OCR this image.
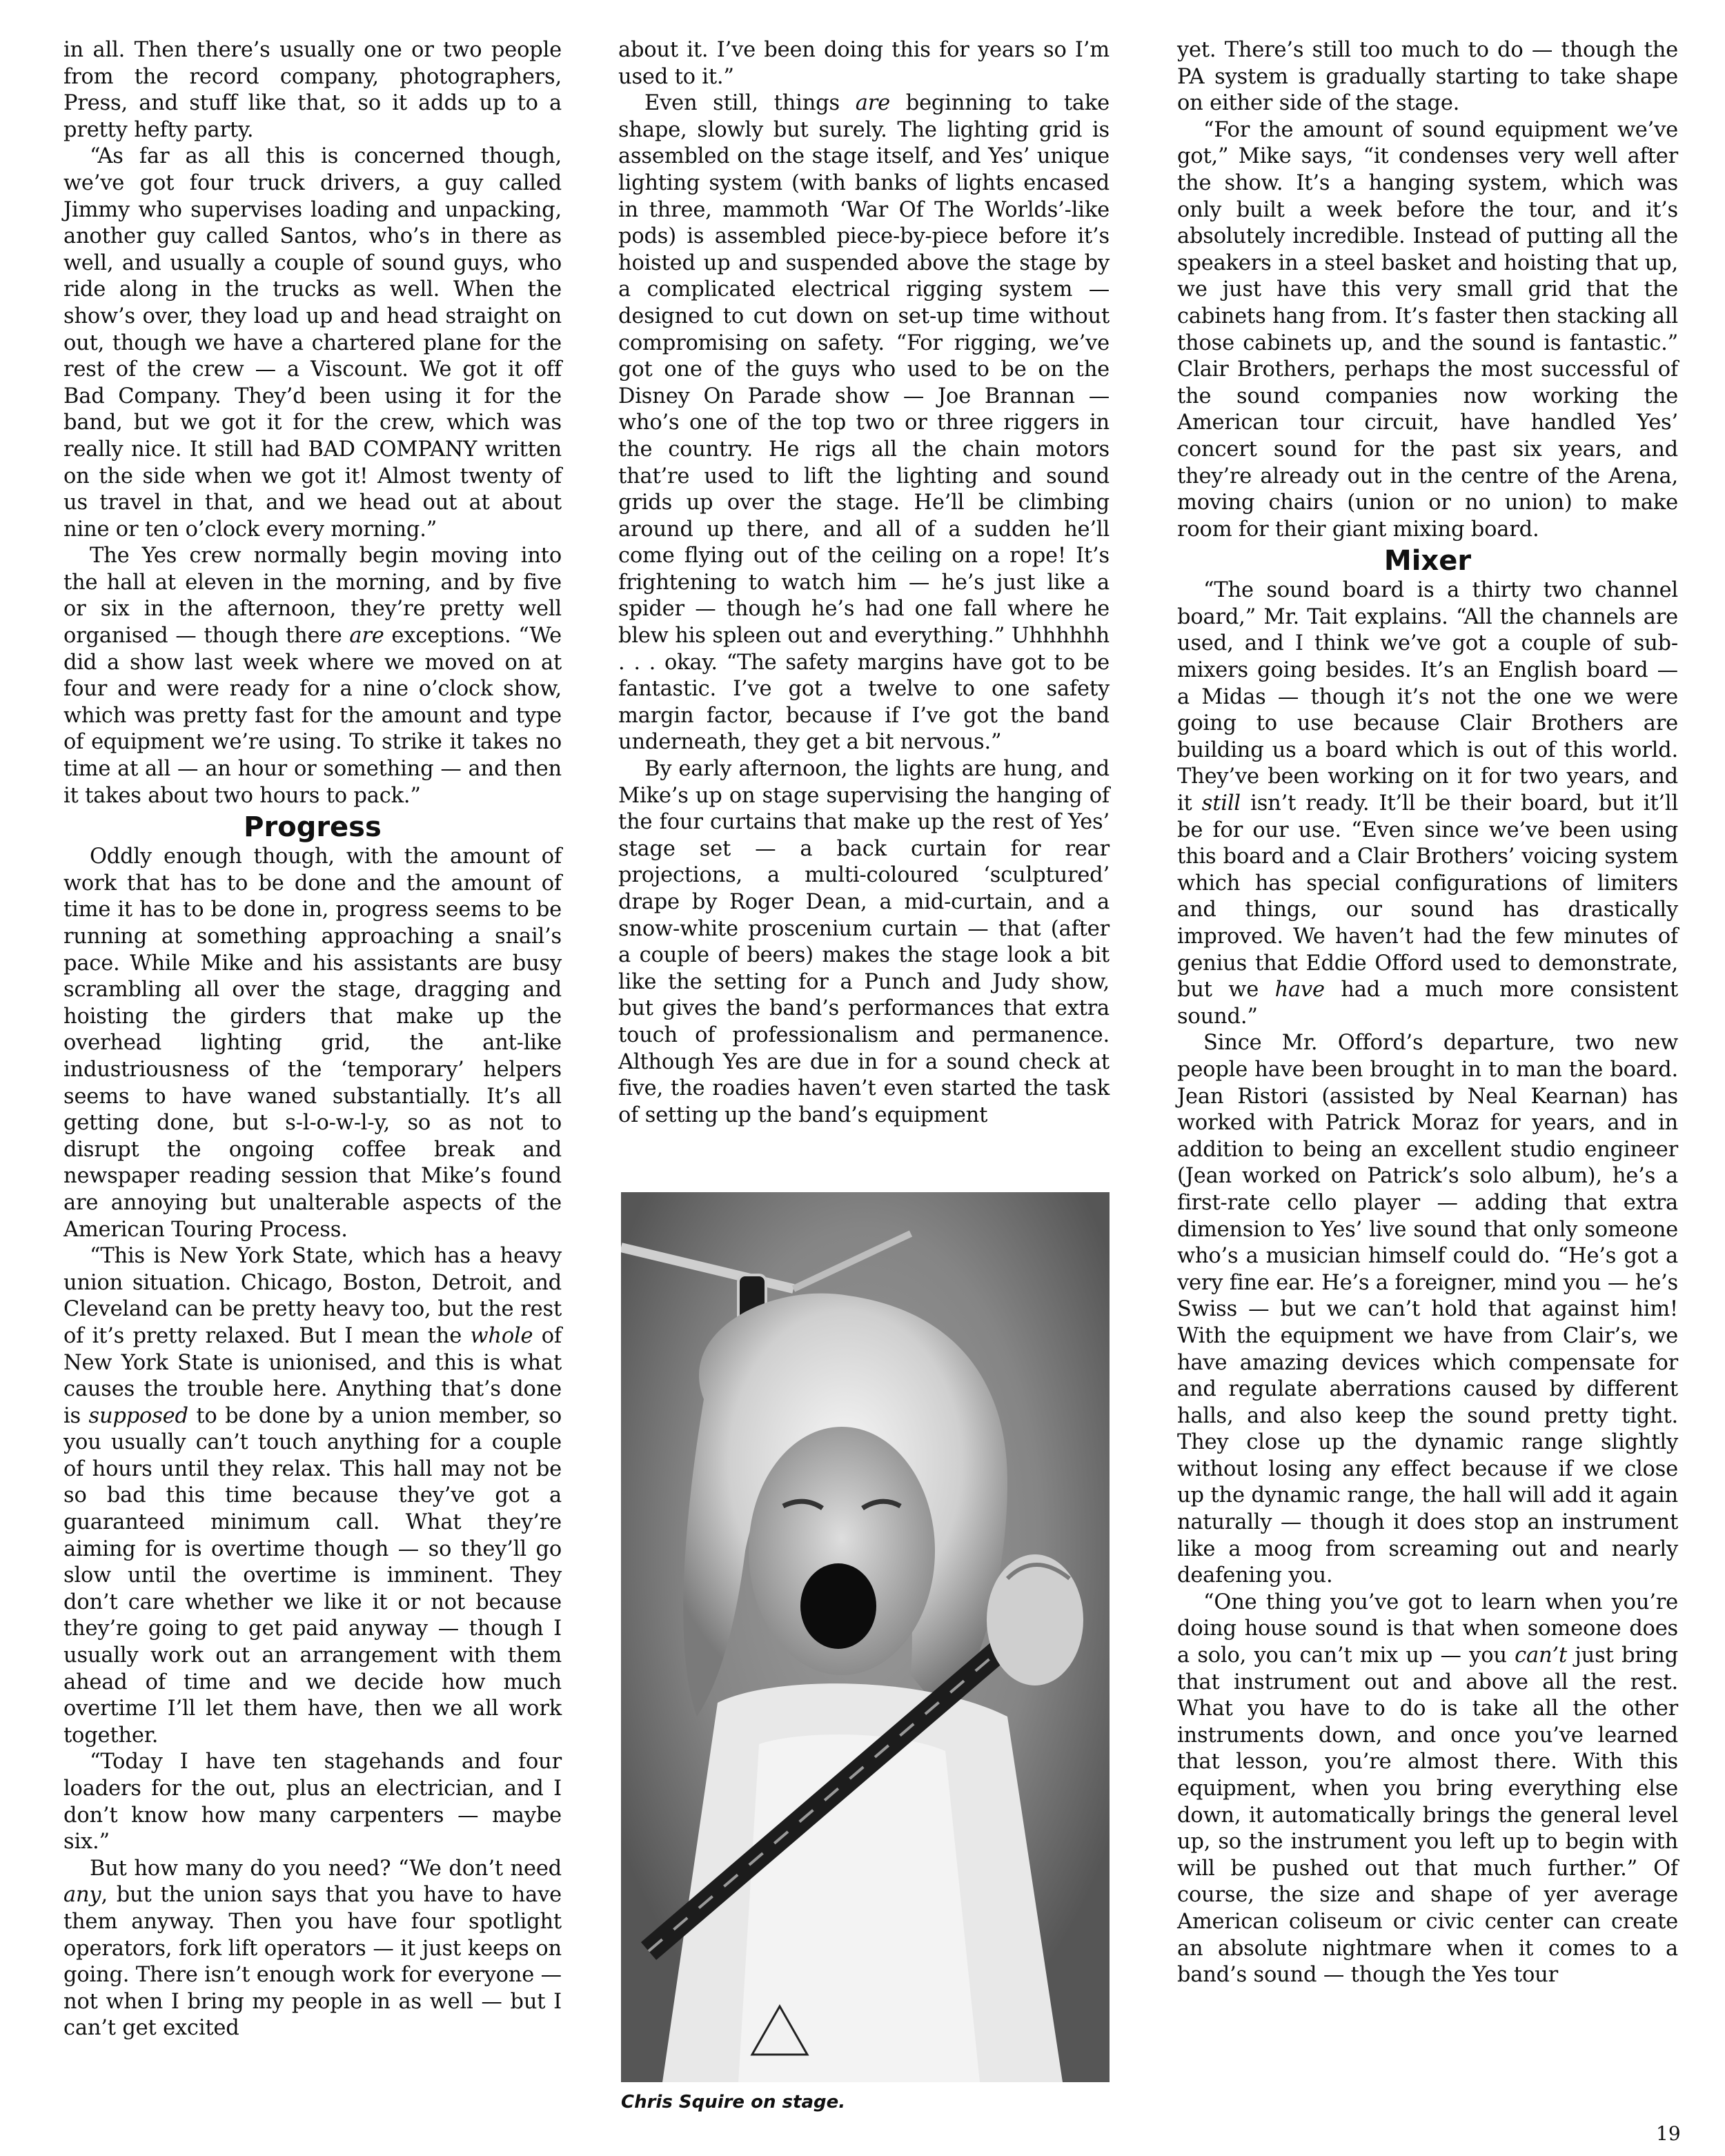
in all. Then there’s usually one or two people from the record company, photographers, Press, and stuff like that, so it adds up to a pretty hefty party.

“As far as all this is concerned though, we’ve got four truck drivers, a guy called Jimmy who supervises loading and unpacking, another guy called Santos, who’s in there as well, and usually a couple of sound guys, who ride along in the trucks as well. When the show’s over, they load up and head straight on out, though we have a chartered plane for the rest of the crew — a Viscount. We got it off Bad Company. They’d been using it for the band, but we got it for the crew, which was really nice. It still had BAD COMPANY written on the side when we got it! Almost twenty of us travel in that, and we head out at about nine or ten o’clock every morning.”

The Yes crew normally begin moving into the hall at eleven in the morning, and by five or six in the afternoon, they’re pretty well organised — though there are exceptions. “We did a show last week where we moved on at four and were ready for a nine o’clock show, which was pretty fast for the amount and type of equipment we’re using. To strike it takes no time at all — an hour or something — and then it takes about two hours to pack.”

Progress

Oddly enough though, with the amount of work that has to be done and the amount of time it has to be done in, progress seems to be running at something approaching a snail’s pace. While Mike and his assistants are busy scrambling all over the stage, dragging and hoisting the girders that make up the overhead lighting grid, the ant-like industriousness of the ‘temporary’ helpers seems to have waned substantially. It’s all getting done, but s-l-o-w-l-y, so as not to disrupt the ongoing coffee break and newspaper reading session that Mike’s found are annoying but unalterable aspects of the American Touring Process.

“This is New York State, which has a heavy union situation. Chicago, Boston, Detroit, and Cleveland can be pretty heavy too, but the rest of it’s pretty relaxed. But I mean the whole of New York State is unionised, and this is what causes the trouble here. Anything that’s done is supposed to be done by a union member, so you usually can’t touch anything for a couple of hours until they relax. This hall may not be so bad this time because they’ve got a guaranteed minimum call. What they’re aiming for is overtime though — so they’ll go slow until the overtime is imminent. They don’t care whether we like it or not because they’re going to get paid anyway — though I usually work out an arrangement with them ahead of time and we decide how much overtime I’ll let them have, then we all work together.

“Today I have ten stagehands and four loaders for the out, plus an electrician, and I don’t know how many carpenters — maybe six.”

But how many do you need? “We don’t need any, but the union says that you have to have them anyway. Then you have four spotlight operators, fork lift operators — it just keeps on going. There isn’t enough work for everyone — not when I bring my people in as well — but I can’t get excited

about it. I’ve been doing this for years so I’m used to it.”

Even still, things are beginning to take shape, slowly but surely. The lighting grid is assembled on the stage itself, and Yes’ unique lighting system (with banks of lights encased in three, mammoth ‘War Of The Worlds’-like pods) is assembled piece-by-piece before it’s hoisted up and suspended above the stage by a complicated electrical rigging system — designed to cut down on set-up time without compromising on safety. “For rigging, we’ve got one of the guys who used to be on the Disney On Parade show — Joe Brannan — who’s one of the top two or three riggers in the country. He rigs all the chain motors that’re used to lift the lighting and sound grids up over the stage. He’ll be climbing around up there, and all of a sudden he’ll come flying out of the ceiling on a rope! It’s frightening to watch him — he’s just like a spider — though he’s had one fall where he blew his spleen out and everything.” Uhhhhhh . . . okay. “The safety margins have got to be fantastic. I’ve got a twelve to one safety margin factor, because if I’ve got the band underneath, they get a bit nervous.”

By early afternoon, the lights are hung, and Mike’s up on stage supervising the hanging of the four curtains that make up the rest of Yes’ stage set — a back curtain for rear projections, a multi-coloured ‘sculptured’ drape by Roger Dean, a mid-curtain, and a snow-white proscenium curtain — that (after a couple of beers) makes the stage look a bit like the setting for a Punch and Judy show, but gives the band’s performances that extra touch of professionalism and permanence. Although Yes are due in for a sound check at five, the roadies haven’t even started the task of setting up the band’s equipment

Chris Squire on stage.

yet. There’s still too much to do — though the PA system is gradually starting to take shape on either side of the stage.

“For the amount of sound equipment we’ve got,” Mike says, “it condenses very well after the show. It’s a hanging system, which was only built a week before the tour, and it’s absolutely incredible. Instead of putting all the speakers in a steel basket and hoisting that up, we just have this very small grid that the cabinets hang from. It’s faster then stacking all those cabinets up, and the sound is fantastic.” Clair Brothers, perhaps the most successful of the sound companies now working the American tour circuit, have handled Yes’ concert sound for the past six years, and they’re already out in the centre of the Arena, moving chairs (union or no union) to make room for their giant mixing board.

Mixer

“The sound board is a thirty two channel board,” Mr. Tait explains. “All the channels are used, and I think we’ve got a couple of sub-mixers going besides. It’s an English board — a Midas — though it’s not the one we were going to use because Clair Brothers are building us a board which is out of this world. They’ve been working on it for two years, and it still isn’t ready. It’ll be their board, but it’ll be for our use. “Even since we’ve been using this board and a Clair Brothers’ voicing system which has special configurations of limiters and things, our sound has drastically improved. We haven’t had the few minutes of genius that Eddie Offord used to demonstrate, but we have had a much more consistent sound.”

Since Mr. Offord’s departure, two new people have been brought in to man the board. Jean Ristori (assisted by Neal Kearnan) has worked with Patrick Moraz for years, and in addition to being an excellent studio engineer (Jean worked on Patrick’s solo album), he’s a first-rate cello player — adding that extra dimension to Yes’ live sound that only someone who’s a musician himself could do. “He’s got a very fine ear. He’s a foreigner, mind you — he’s Swiss — but we can’t hold that against him! With the equipment we have from Clair’s, we have amazing devices which compensate for and regulate aberrations caused by different halls, and also keep the sound pretty tight. They close up the dynamic range slightly without losing any effect because if we close up the dynamic range, the hall will add it again naturally — though it does stop an instrument like a moog from screaming out and nearly deafening you.

“One thing you’ve got to learn when you’re doing house sound is that when someone does a solo, you can’t mix up — you can’t just bring that instrument out and above all the rest. What you have to do is take all the other instruments down, and once you’ve learned that lesson, you’re almost there. With this equipment, when you bring everything else down, it automatically brings the general level up, so the instrument you left up to begin with will be pushed out that much further.” Of course, the size and shape of yer average American coliseum or civic center can create an absolute nightmare when it comes to a band’s sound — though the Yes tour

19
